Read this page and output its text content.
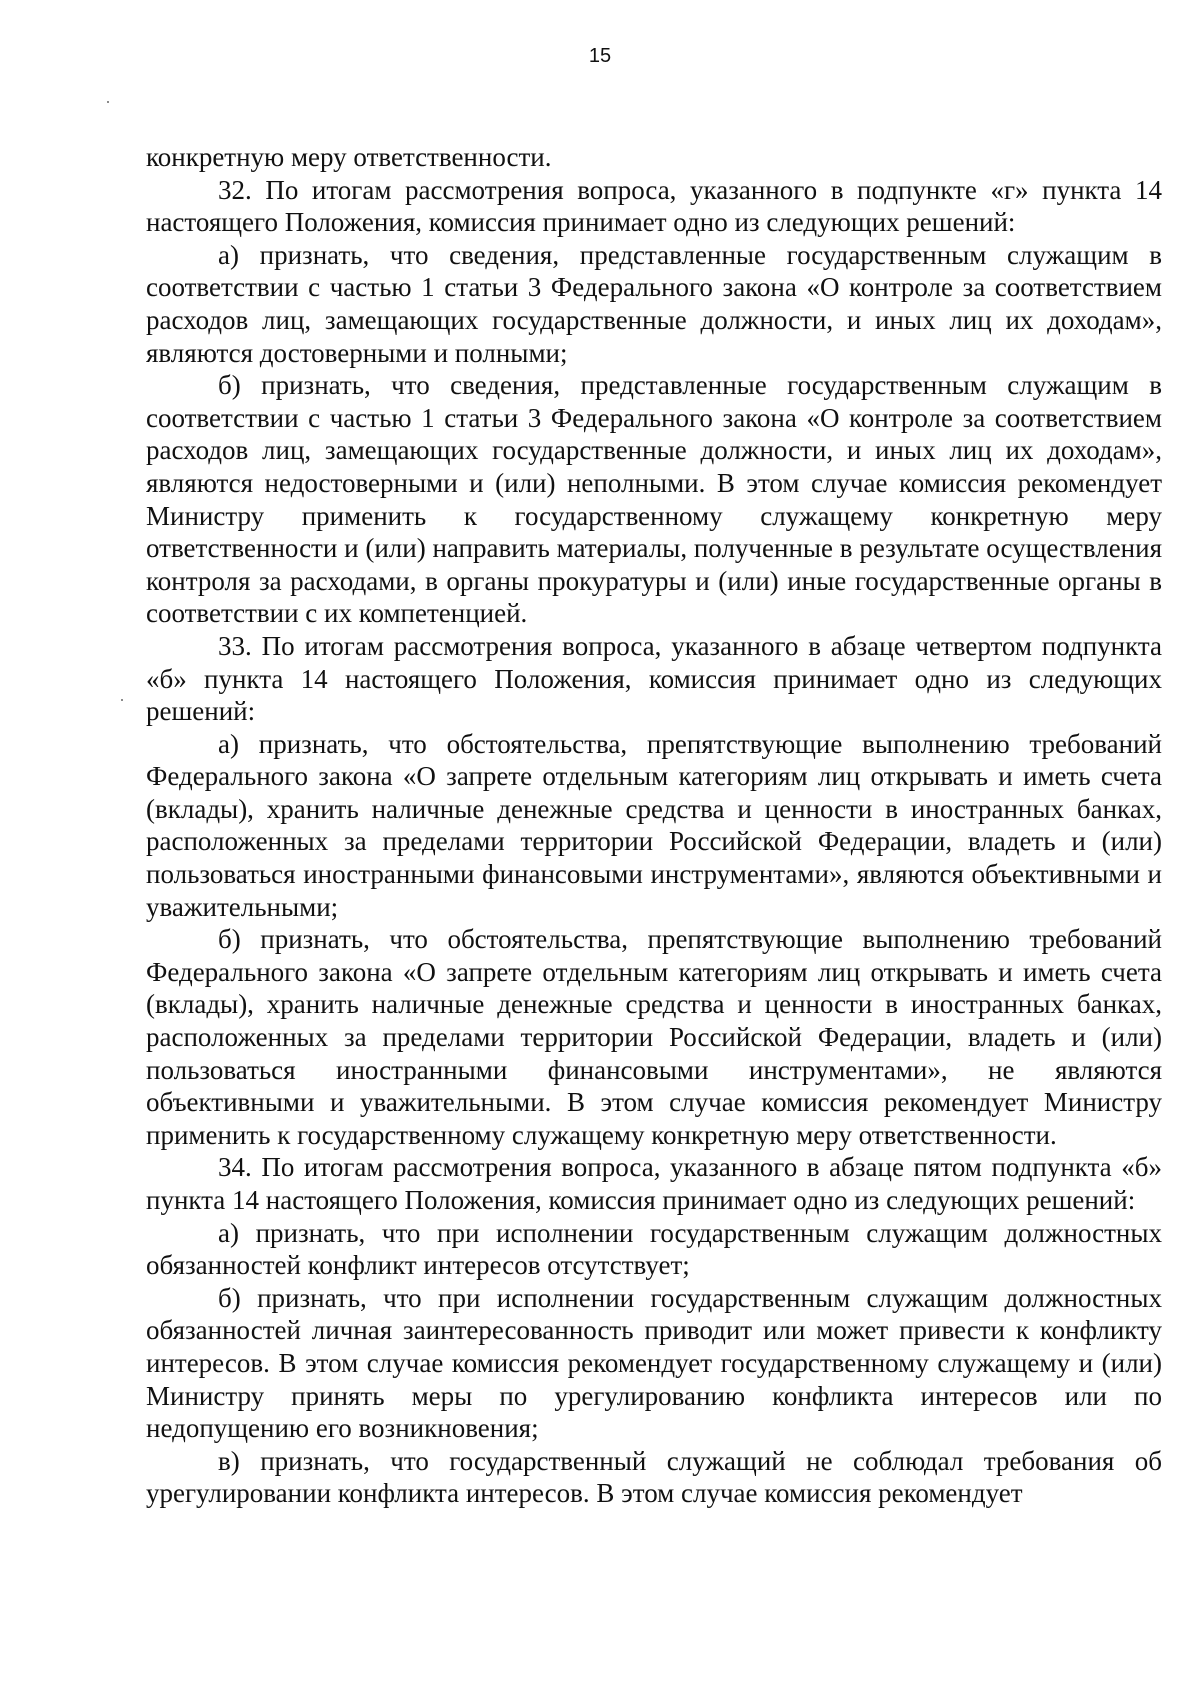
15

конкретную меру ответственности.

32. По итогам рассмотрения вопроса, указанного в подпункте «г» пункта 14 настоящего Положения, комиссия принимает одно из следующих решений:

а) признать, что сведения, представленные государственным служащим в соответствии с частью 1 статьи 3 Федерального закона «О контроле за соответствием расходов лиц, замещающих государственные должности, и иных лиц их доходам», являются достоверными и полными;

б) признать, что сведения, представленные государственным служащим в соответствии с частью 1 статьи 3 Федерального закона «О контроле за соответствием расходов лиц, замещающих государственные должности, и иных лиц их доходам», являются недостоверными и (или) неполными. В этом случае комиссия рекомендует Министру применить к государственному служащему конкретную меру ответственности и (или) направить материалы, полученные в результате осуществления контроля за расходами, в органы прокуратуры и (или) иные государственные органы в соответствии с их компетенцией.

33. По итогам рассмотрения вопроса, указанного в абзаце четвертом подпункта «б» пункта 14 настоящего Положения, комиссия принимает одно из следующих решений:

а) признать, что обстоятельства, препятствующие выполнению требований Федерального закона «О запрете отдельным категориям лиц открывать и иметь счета (вклады), хранить наличные денежные средства и ценности в иностранных банках, расположенных за пределами территории Российской Федерации, владеть и (или) пользоваться иностранными финансовыми инструментами», являются объективными и уважительными;

б) признать, что обстоятельства, препятствующие выполнению требований Федерального закона «О запрете отдельным категориям лиц открывать и иметь счета (вклады), хранить наличные денежные средства и ценности в иностранных банках, расположенных за пределами территории Российской Федерации, владеть и (или) пользоваться иностранными финансовыми инструментами», не являются объективными и уважительными. В этом случае комиссия рекомендует Министру применить к государственному служащему конкретную меру ответственности.

34. По итогам рассмотрения вопроса, указанного в абзаце пятом подпункта «б» пункта 14 настоящего Положения, комиссия принимает одно из следующих решений:

а) признать, что при исполнении государственным служащим должностных обязанностей конфликт интересов отсутствует;

б) признать, что при исполнении государственным служащим должностных обязанностей личная заинтересованность приводит или может привести к конфликту интересов. В этом случае комиссия рекомендует государственному служащему и (или) Министру принять меры по урегулированию конфликта интересов или по недопущению его возникновения;

в) признать, что государственный служащий не соблюдал требования об урегулировании конфликта интересов. В этом случае комиссия рекомендует
